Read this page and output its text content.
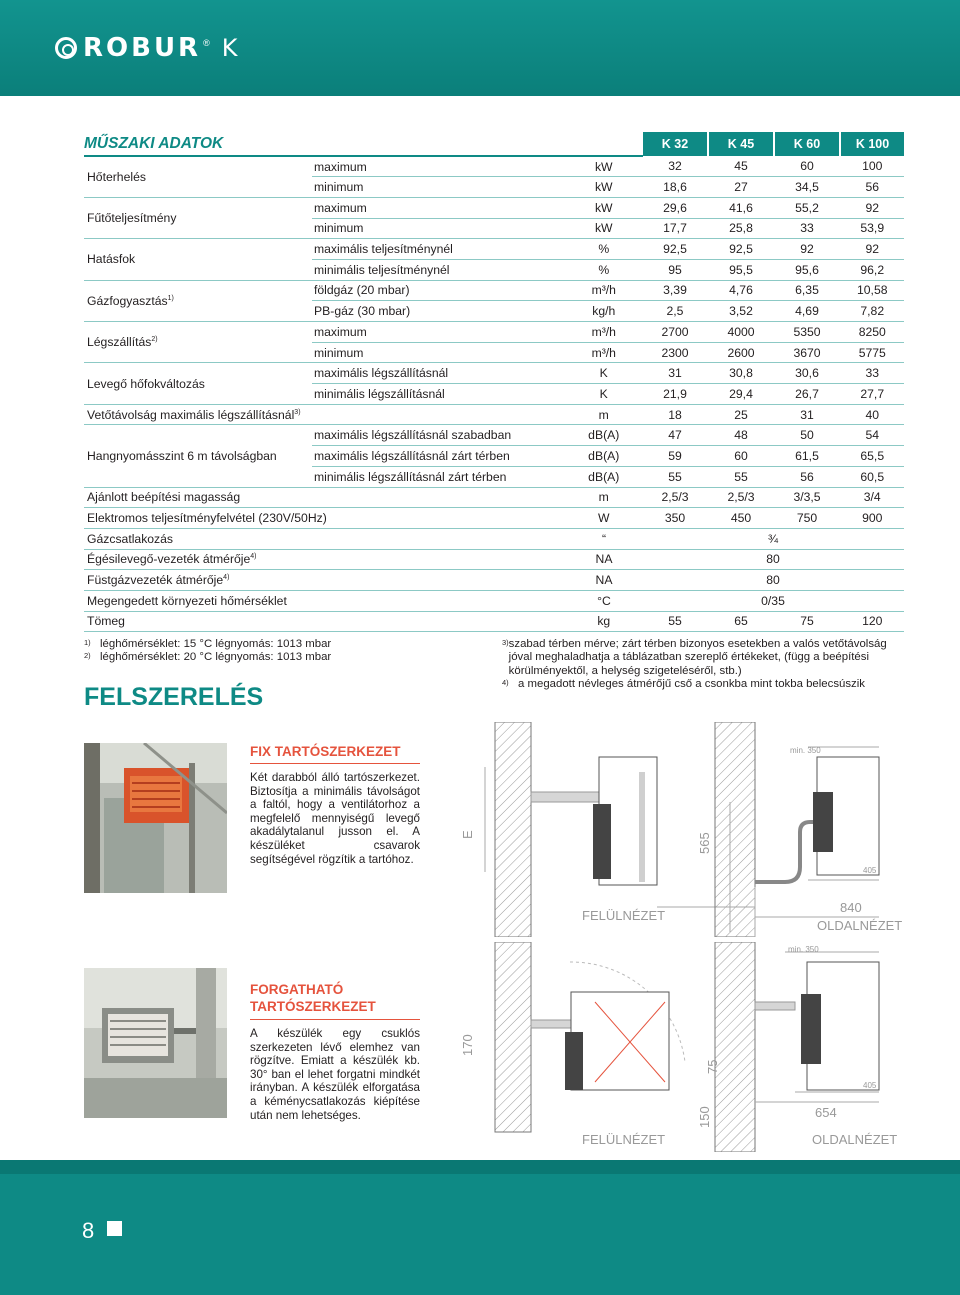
ROBUR ® K
MŰSZAKI ADATOK			K 32	K 45	K 60	K 100
Hőterhelés	maximum	kW	32	45	60	100
	minimum	kW	18,6	27	34,5	56
Fűtőteljesítmény	maximum	kW	29,6	41,6	55,2	92
	minimum	kW	17,7	25,8	33	53,9
Hatásfok	maximális teljesítménynél	%	92,5	92,5	92	92
	minimális teljesítménynél	%	95	95,5	95,6	96,2
Gázfogyasztás$^{1)}$	földgáz (20 mbar)	m³/h	3,39	4,76	6,35	10,58
	PB-gáz (30 mbar)	kg/h	2,5	3,52	4,69	7,82
Légszállítás$^{2)}$	maximum	m³/h	2700	4000	5350	8250
	minimum	m³/h	2300	2600	3670	5775
Levegő hőfokváltozás	maximális légszállításnál	K	31	30,8	30,6	33
	minimális légszállításnál	K	21,9	29,4	26,7	27,7
Vetőtávolság maximális légszállításnál$^{3)}$		m	18	25	31	40
Hangnyomásszint 6 m távolságban	maximális légszállításnál szabadban	dB(A)	47	48	50	54
	maximális légszállításnál zárt térben	dB(A)	59	60	61,5	65,5
	minimális légszállításnál zárt térben	dB(A)	55	55	56	60,5
Ajánlott beépítési magasság		m	2,5/3	2,5/3	3/3,5	3/4
Elektromos teljesítményfelvétel (230V/50Hz)		W	350	450	750	900
Gázcsatlakozás		“	¾			
Égésilevegő-vezeték átmérője$^{4)}$		NA	80			
Füstgázvezeték átmérője$^{4)}$		NA	80			
Megengedett környezeti hőmérséklet		°C	0/35			
Tömeg		kg	55	65	75	120
1) léghőmérséklet: 15 °C légnyomás: 1013 mbar
2) léghőmérséklet: 20 °C légnyomás: 1013 mbar
3) szabad térben mérve; zárt térben bizonyos esetekben a valós vetőtávolság jóval meghaladhatja a táblázatban szereplő értékeket, (függ a beépítési körülményektől, a helység szigeteléséről, stb.)
4) a megadott névleges átmérőjű cső a csonkba mint tokba belecsúszik
FELSZERELÉS
FIX TARTÓSZERKEZET
Két darabból álló tartószerkezet. Biztosítja a minimális távolságot a faltól, hogy a ventilátorhoz a megfelelő mennyiségű levegő akadálytalanul jusson el. A készüléket csavarok segítségével rögzítik a tartóhoz.
FELÜLNÉZET
OLDALNÉZET
840
405
min. 350
E	565
FORGATHATÓ
TARTÓSZERKEZET
A készülék egy csuklós szerkezeten lévő elemhez van rögzítve. Emiatt a készülék kb. 30° ban el lehet forgatni mindkét irányban. A készülék elforgatása a kéménycsatlakozás kiépítése után nem lehetséges.
FELÜLNÉZET	OLDALNÉZET
654
405
min. 350
170
150
75
8
